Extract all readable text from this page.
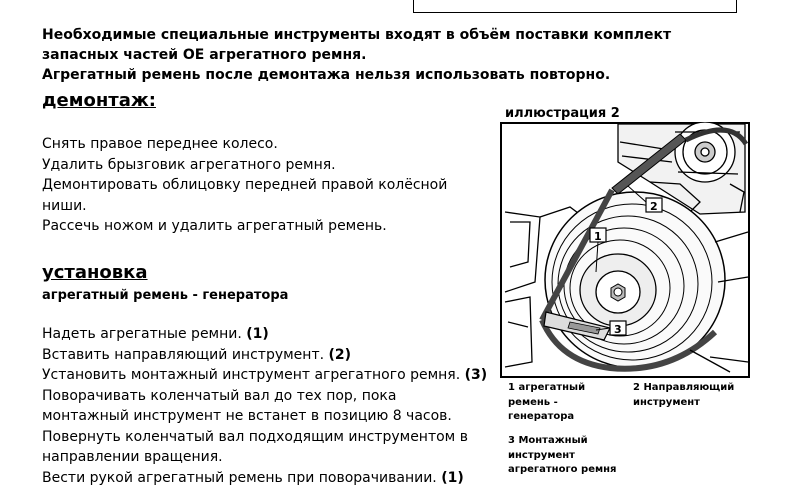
Необходимые специальные инструменты входят в объём поставки комплект
запасных частей ОЕ агрегатного ремня.
Агрегатный ремень после демонтажа нельзя использовать повторно.
демонтаж:
Снять правое переднее колесо.
Удалить брызговик агрегатного ремня.
Демонтировать облицовку передней правой колёсной
ниши.
Рассечь ножом и удалить агрегатный ремень.
установка
агрегатный ремень - генератора
Надеть агрегатные ремни. (1)
Вставить направляющий инструмент. (2)
Установить монтажный инструмент агрегатного ремня. (3)
Поворачивать коленчатый вал до тех пор, пока
монтажный инструмент не встанет в позицию 8 часов.
Повернуть коленчатый вал подходящим инструментом в
направлении вращения.
Вести рукой агрегатный ремень при поворачивании. (1)
иллюстрация 2
1
2
3
1 агрегатный
ремень -
генератора
2 Направляющий
инструмент
3 Монтажный
инструмент
агрегатного ремня
